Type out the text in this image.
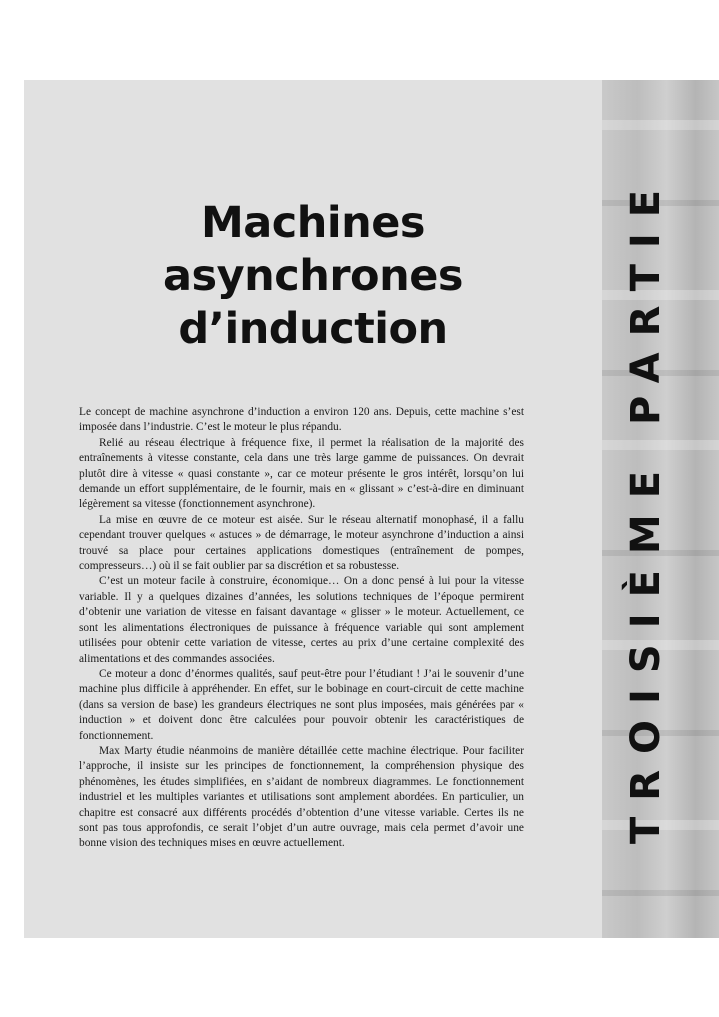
TROISIÈME PARTIE
Machines
asynchrones
d’induction

Le concept de machine asynchrone d’induction a environ 120 ans. Depuis, cette machine s’est imposée dans l’industrie. C’est le moteur le plus répandu.

Relié au réseau électrique à fréquence fixe, il permet la réalisation de la majorité des entraînements à vitesse constante, cela dans une très large gamme de puissances. On devrait plutôt dire à vitesse « quasi constante », car ce moteur présente le gros intérêt, lorsqu’on lui demande un effort supplémentaire, de le fournir, mais en « glissant » c’est-à-dire en diminuant légèrement sa vitesse (fonctionnement asynchrone).

La mise en œuvre de ce moteur est aisée. Sur le réseau alternatif monophasé, il a fallu cependant trouver quelques « astuces » de démarrage, le moteur asynchrone d’induction a ainsi trouvé sa place pour certaines applications domestiques (entraînement de pompes, compresseurs…) où il se fait oublier par sa discrétion et sa robustesse.

C’est un moteur facile à construire, économique… On a donc pensé à lui pour la vitesse variable. Il y a quelques dizaines d’années, les solutions techniques de l’époque permirent d’obtenir une variation de vitesse en faisant davantage « glisser » le moteur. Actuellement, ce sont les alimentations électroniques de puissance à fréquence variable qui sont amplement utilisées pour obtenir cette variation de vitesse, certes au prix d’une certaine complexité des alimentations et des commandes associées.

Ce moteur a donc d’énormes qualités, sauf peut-être pour l’étudiant ! J’ai le souvenir d’une machine plus difficile à appréhender. En effet, sur le bobinage en court-circuit de cette machine (dans sa version de base) les grandeurs électriques ne sont plus imposées, mais générées par « induction » et doivent donc être calculées pour pouvoir obtenir les caractéristiques de fonctionnement.

Max Marty étudie néanmoins de manière détaillée cette machine électrique. Pour faciliter l’approche, il insiste sur les principes de fonctionnement, la compréhension physique des phénomènes, les études simplifiées, en s’aidant de nombreux diagrammes. Le fonctionnement industriel et les multiples variantes et utilisations sont amplement abordées. En particulier, un chapitre est consacré aux différents procédés d’obtention d’une vitesse variable. Certes ils ne sont pas tous approfondis, ce serait l’objet d’un autre ouvrage, mais cela permet d’avoir une bonne vision des techniques mises en œuvre actuellement.
